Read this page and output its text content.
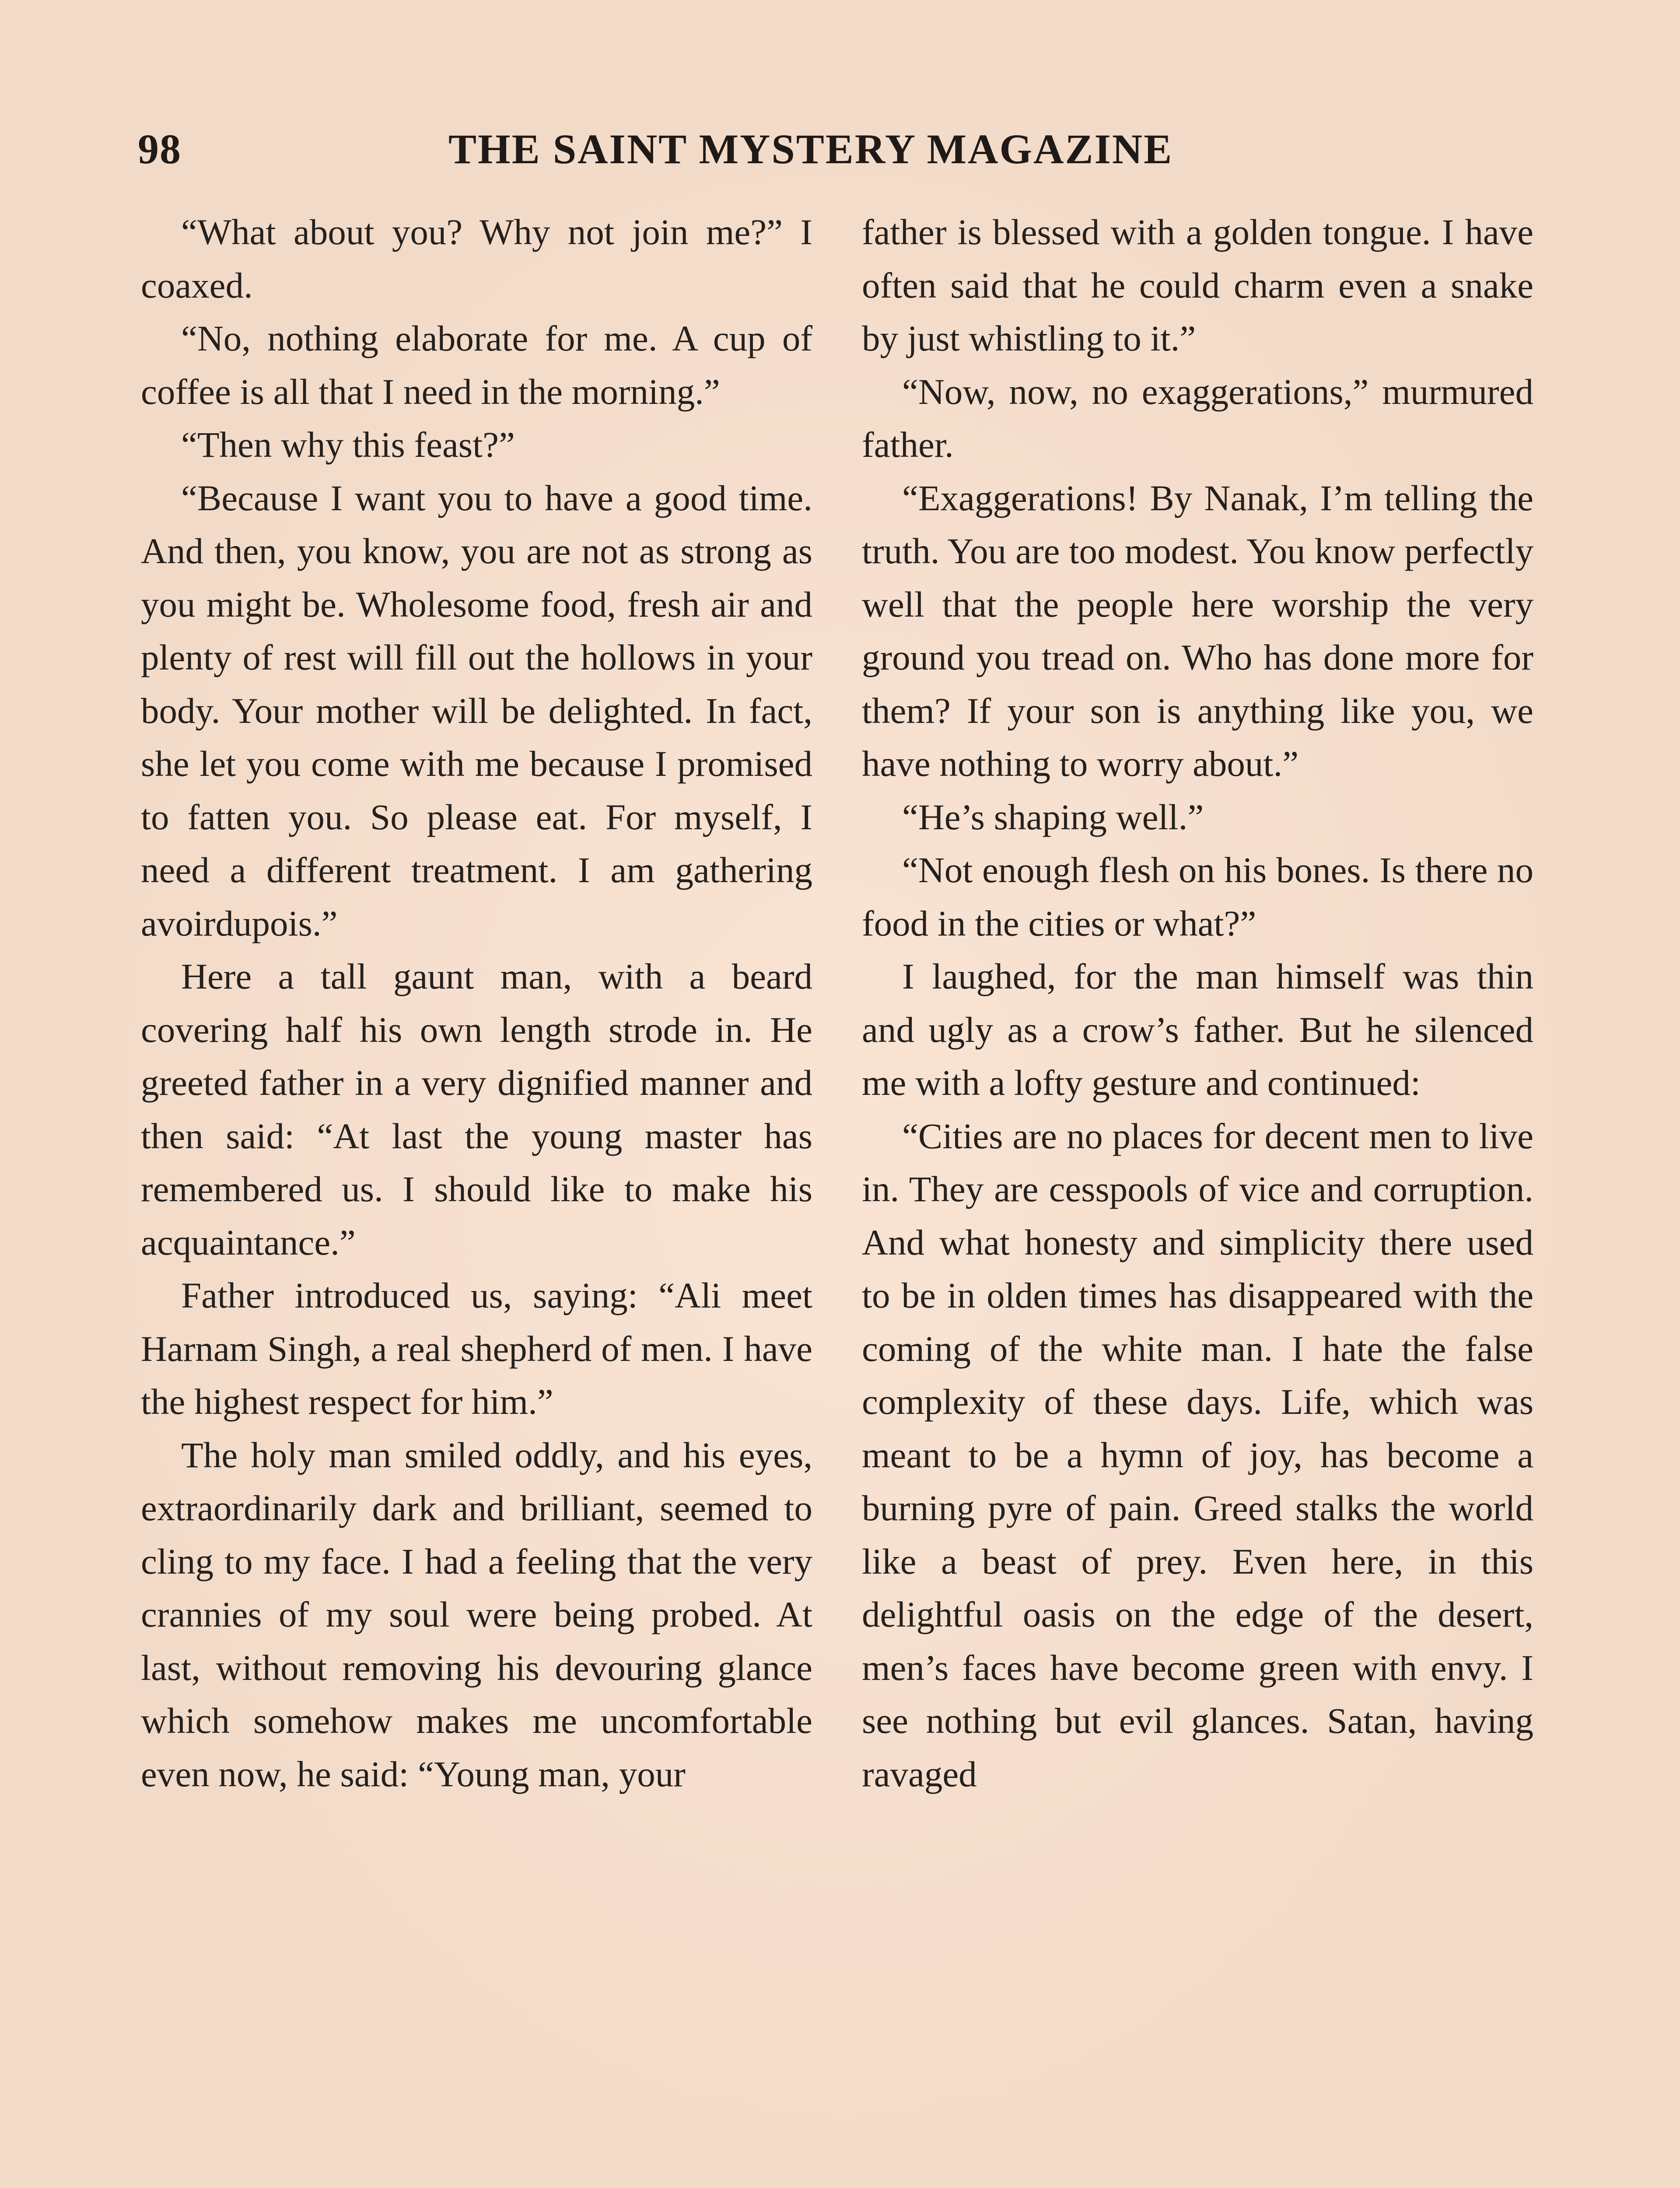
98	THE SAINT MYSTERY MAGAZINE

“What about you? Why not join me?” I coaxed.

“No, nothing elaborate for me. A cup of coffee is all that I need in the morning.”

“Then why this feast?”

“Because I want you to have a good time. And then, you know, you are not as strong as you might be. Wholesome food, fresh air and plenty of rest will fill out the hollows in your body. Your mother will be delighted. In fact, she let you come with me because I promised to fatten you. So please eat. For myself, I need a different treatment. I am gathering avoirdupois.”

Here a tall gaunt man, with a beard covering half his own length strode in. He greeted father in a very dignified manner and then said: “At last the young master has remembered us. I should like to make his acquaintance.”

Father introduced us, saying: “Ali meet Harnam Singh, a real shepherd of men. I have the highest respect for him.”

The holy man smiled oddly, and his eyes, extraordinarily dark and brilliant, seemed to cling to my face. I had a feeling that the very crannies of my soul were being probed. At last, without removing his devouring glance which somehow makes me uncomfortable even now, he said: “Young man, your

father is blessed with a golden tongue. I have often said that he could charm even a snake by just whistling to it.”

“Now, now, no exaggerations,” murmured father.

“Exaggerations! By Nanak, I’m telling the truth. You are too modest. You know perfectly well that the people here worship the very ground you tread on. Who has done more for them? If your son is anything like you, we have nothing to worry about.”

“He’s shaping well.”

“Not enough flesh on his bones. Is there no food in the cities or what?”

I laughed, for the man himself was thin and ugly as a crow’s father. But he silenced me with a lofty gesture and continued:

“Cities are no places for decent men to live in. They are cesspools of vice and corruption. And what honesty and simplicity there used to be in olden times has disappeared with the coming of the white man. I hate the false complexity of these days. Life, which was meant to be a hymn of joy, has become a burning pyre of pain. Greed stalks the world like a beast of prey. Even here, in this delightful oasis on the edge of the desert, men’s faces have become green with envy. I see nothing but evil glances. Satan, having ravaged
